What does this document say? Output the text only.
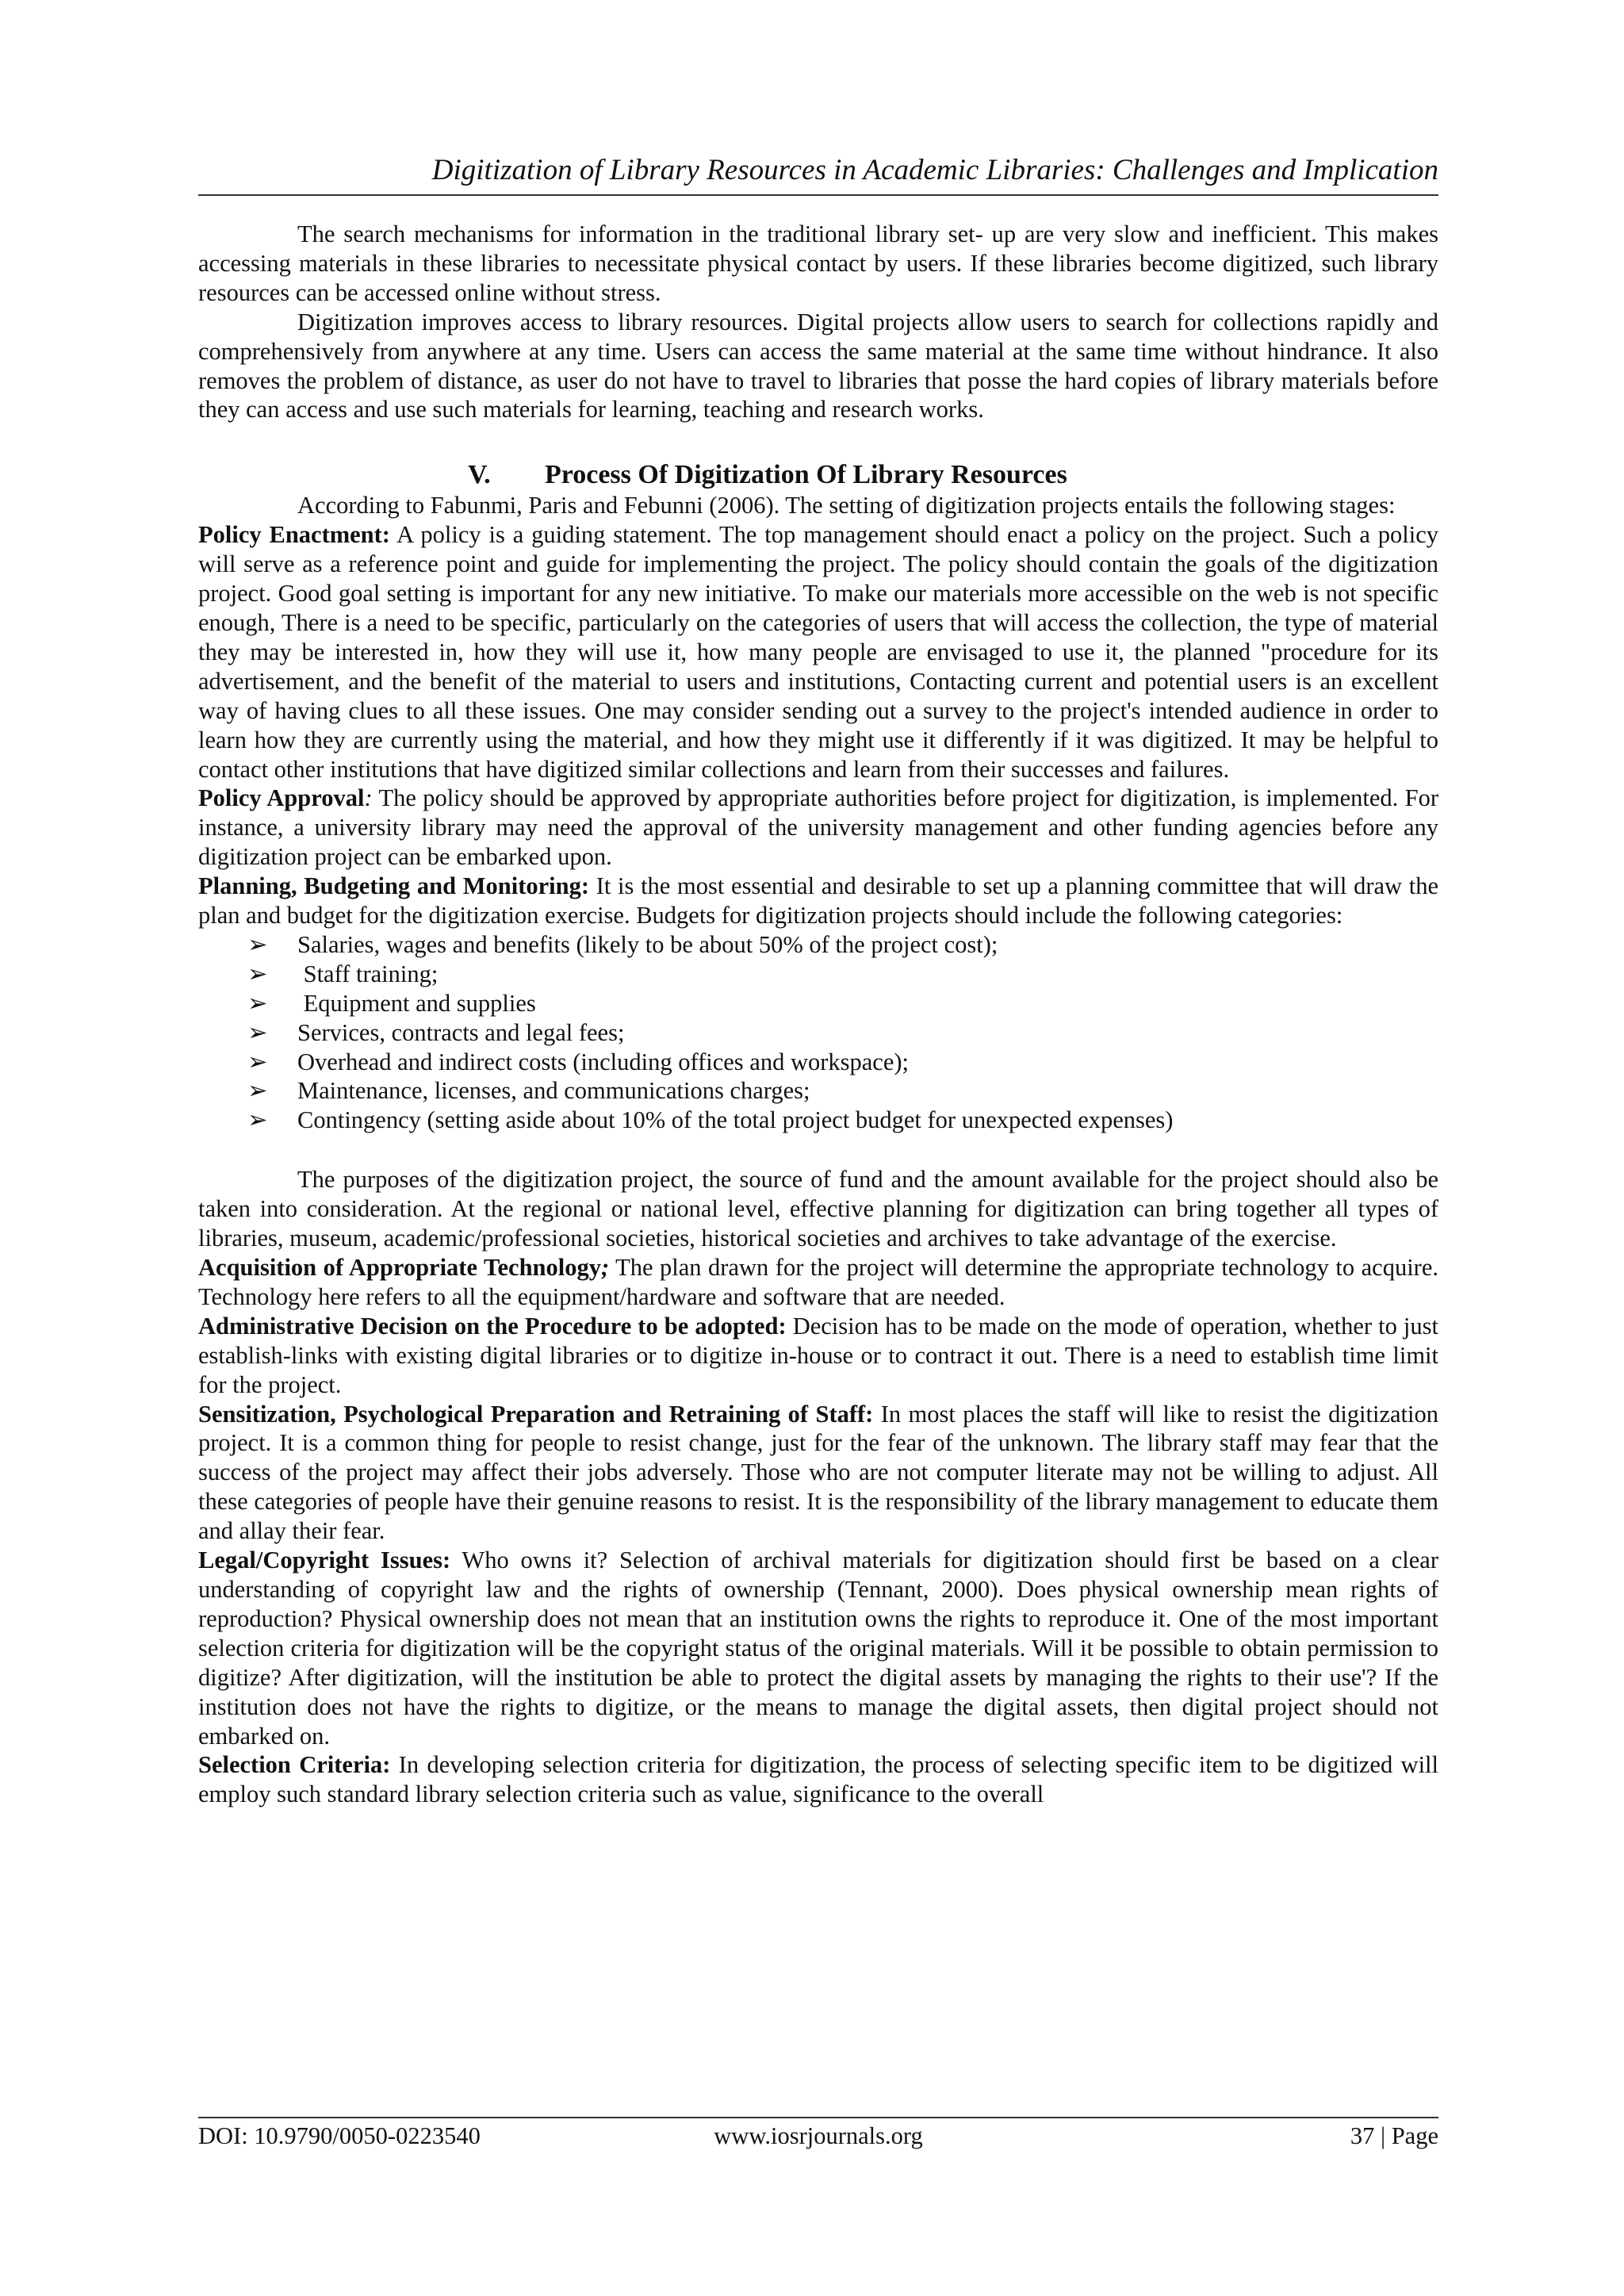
Digitization of Library Resources in Academic Libraries: Challenges and Implication

The search mechanisms for information in the traditional library set- up are very slow and inefficient. This makes accessing materials in these libraries to necessitate physical contact by users. If these libraries become digitized, such library resources can be accessed online without stress.

Digitization improves access to library resources. Digital projects allow users to search for collections rapidly and comprehensively from anywhere at any time. Users can access the same material at the same time without hindrance. It also removes the problem of distance, as user do not have to travel to libraries that posse the hard copies of library materials before they can access and use such materials for learning, teaching and research works.

V. Process Of Digitization Of Library Resources

According to Fabunmi, Paris and Febunni (2006). The setting of digitization projects entails the following stages:

Policy Enactment: A policy is a guiding statement. The top management should enact a policy on the project. Such a policy will serve as a reference point and guide for implementing the project. The policy should contain the goals of the digitization project. Good goal setting is important for any new initiative. To make our materials more accessible on the web is not specific enough, There is a need to be specific, particularly on the categories of users that will access the collection, the type of material they may be interested in, how they will use it, how many people are envisaged to use it, the planned "procedure for its advertisement, and the benefit of the material to users and institutions, Contacting current and potential users is an excellent way of having clues to all these issues. One may consider sending out a survey to the project's intended audience in order to learn how they are currently using the material, and how they might use it differently if it was digitized. It may be helpful to contact other institutions that have digitized similar collections and learn from their successes and failures.

Policy Approval: The policy should be approved by appropriate authorities before project for digitization, is implemented. For instance, a university library may need the approval of the university management and other funding agencies before any digitization project can be embarked upon.

Planning, Budgeting and Monitoring: It is the most essential and desirable to set up a planning committee that will draw the plan and budget for the digitization exercise. Budgets for digitization projects should include the following categories:

➢ Salaries, wages and benefits (likely to be about 50% of the project cost);
➢ Staff training;
➢ Equipment and supplies
➢ Services, contracts and legal fees;
➢ Overhead and indirect costs (including offices and workspace);
➢ Maintenance, licenses, and communications charges;
➢ Contingency (setting aside about 10% of the total project budget for unexpected expenses)

The purposes of the digitization project, the source of fund and the amount available for the project should also be taken into consideration. At the regional or national level, effective planning for digitization can bring together all types of libraries, museum, academic/professional societies, historical societies and archives to take advantage of the exercise.

Acquisition of Appropriate Technology; The plan drawn for the project will determine the appropriate technology to acquire. Technology here refers to all the equipment/hardware and software that are needed.

Administrative Decision on the Procedure to be adopted: Decision has to be made on the mode of operation, whether to just establish-links with existing digital libraries or to digitize in-house or to contract it out. There is a need to establish time limit for the project.

Sensitization, Psychological Preparation and Retraining of Staff: In most places the staff will like to resist the digitization project. It is a common thing for people to resist change, just for the fear of the unknown. The library staff may fear that the success of the project may affect their jobs adversely. Those who are not computer literate may not be willing to adjust. All these categories of people have their genuine reasons to resist. It is the responsibility of the library management to educate them and allay their fear.

Legal/Copyright Issues: Who owns it? Selection of archival materials for digitization should first be based on a clear understanding of copyright law and the rights of ownership (Tennant, 2000). Does physical ownership mean rights of reproduction? Physical ownership does not mean that an institution owns the rights to reproduce it. One of the most important selection criteria for digitization will be the copyright status of the original materials. Will it be possible to obtain permission to digitize? After digitization, will the institution be able to protect the digital assets by managing the rights to their use'? If the institution does not have the rights to digitize, or the means to manage the digital assets, then digital project should not embarked on.

Selection Criteria: In developing selection criteria for digitization, the process of selecting specific item to be digitized will employ such standard library selection criteria such as value, significance to the overall

DOI: 10.9790/0050-0223540	www.iosrjournals.org	37 | Page
